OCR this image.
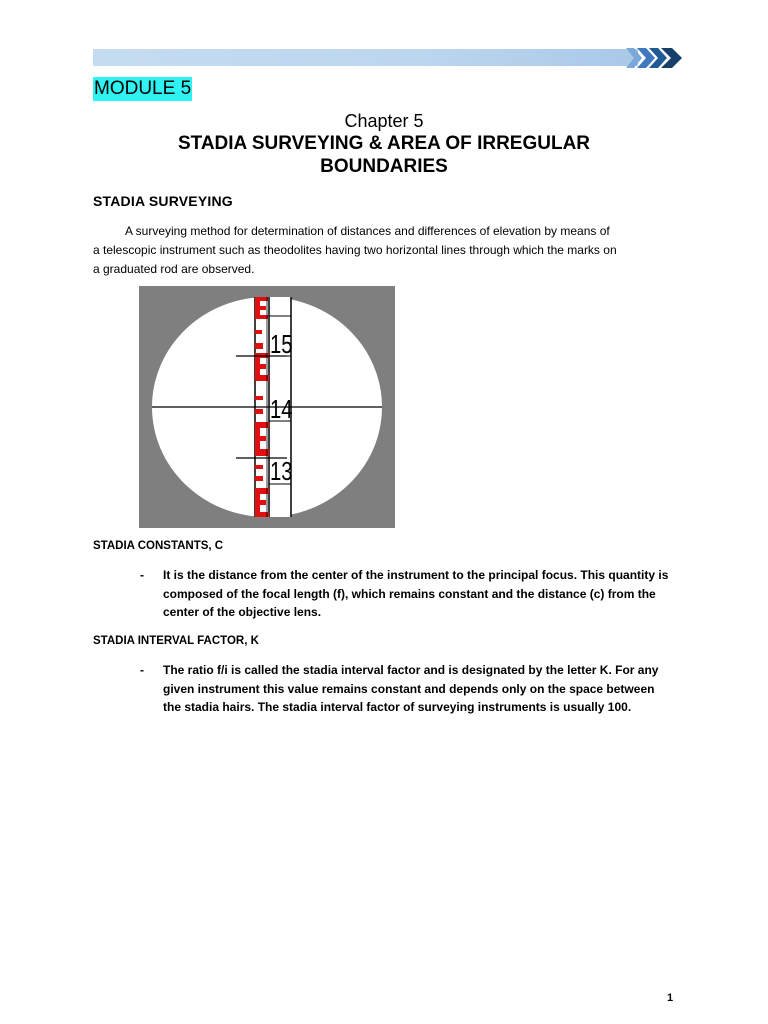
MODULE 5
Chapter 5
STADIA SURVEYING & AREA OF IRREGULAR
BOUNDARIES
STADIA SURVEYING
A surveying method for determination of distances and differences of elevation by means of
a telescopic instrument such as theodolites having two horizontal lines through which the marks on
a graduated rod are observed.
15
14
13
STADIA CONSTANTS, C
- It is the distance from the center of the instrument to the principal focus. This quantity is
composed of the focal length (f), which remains constant and the distance (c) from the
center of the objective lens.
STADIA INTERVAL FACTOR, K
- The ratio f/i is called the stadia interval factor and is designated by the letter K. For any
given instrument this value remains constant and depends only on the space between
the stadia hairs. The stadia interval factor of surveying instruments is usually 100.
1
